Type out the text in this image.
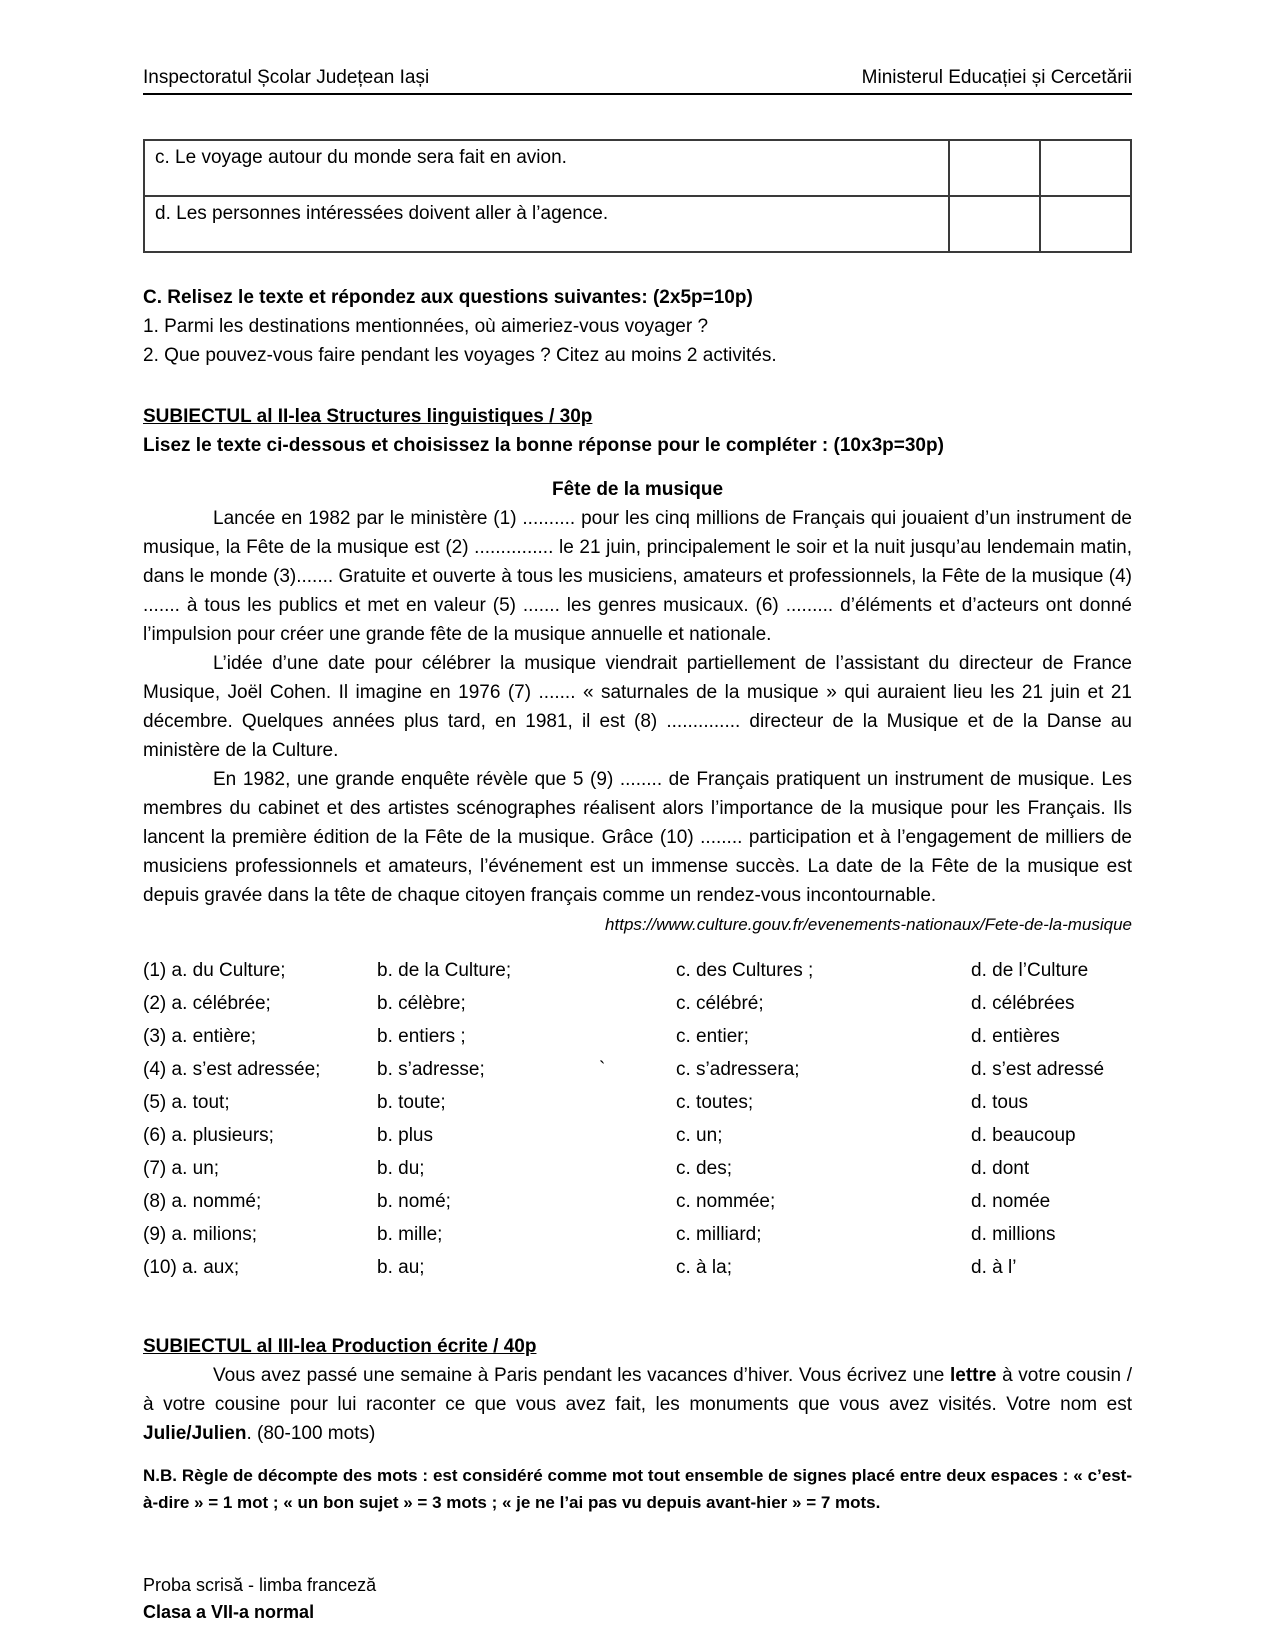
Inspectoratul Școlar Județean Iași	Ministerul Educației și Cercetării
c. Le voyage autour du monde sera fait en avion.		
d. Les personnes intéressées doivent aller à l’agence.		

C. Relisez le texte et répondez aux questions suivantes: (2x5p=10p)

1. Parmi les destinations mentionnées, où aimeriez-vous voyager ?

2. Que pouvez-vous faire pendant les voyages ? Citez au moins 2 activités.

SUBIECTUL al II-lea Structures linguistiques / 30p

Lisez le texte ci-dessous et choisissez la bonne réponse pour le compléter : (10x3p=30p)

Fête de la musique

Lancée en 1982 par le ministère (1) .......... pour les cinq millions de Français qui jouaient d’un instrument de musique, la Fête de la musique est (2) ............... le 21 juin, principalement le soir et la nuit jusqu’au lendemain matin, dans le monde (3)....... Gratuite et ouverte à tous les musiciens, amateurs et professionnels, la Fête de la musique (4) ....... à tous les publics et met en valeur (5) ....... les genres musicaux. (6) ......... d’éléments et d’acteurs ont donné l’impulsion pour créer une grande fête de la musique annuelle et nationale.

L’idée d’une date pour célébrer la musique viendrait partiellement de l’assistant du directeur de France Musique, Joël Cohen. Il imagine en 1976 (7) ....... « saturnales de la musique » qui auraient lieu les 21 juin et 21 décembre. Quelques années plus tard, en 1981, il est (8) .............. directeur de la Musique et de la Danse au ministère de la Culture.

En 1982, une grande enquête révèle que 5 (9) ........ de Français pratiquent un instrument de musique. Les membres du cabinet et des artistes scénographes réalisent alors l’importance de la musique pour les Français. Ils lancent la première édition de la Fête de la musique. Grâce (10) ........ participation et à l’engagement de milliers de musiciens professionnels et amateurs, l’événement est un immense succès. La date de la Fête de la musique est depuis gravée dans la tête de chaque citoyen français comme un rendez-vous incontournable.

https://www.culture.gouv.fr/evenements-nationaux/Fete-de-la-musique

(1) a. du Culture;	b. de la Culture;	c. des Cultures ;	d. de l’Culture
(2) a. célébrée;	b. célèbre;	c. célébré;	d. célébrées
(3) a. entière;	b. entiers ;	c. entier;	d. entières
(4) a. s’est adressée;	b. s’adresse;	c. s’adressera;	d. s’est adressé
`
(5) a. tout;	b. toute;	c. toutes;	d. tous
(6) a. plusieurs;	b. plus	c. un;	d. beaucoup
(7) a. un;	b. du;	c. des;	d. dont
(8) a. nommé;	b. nomé;	c. nommée;	d. nomée
(9) a. milions;	b. mille;	c. milliard;	d. millions
(10) a. aux;	b. au;	c. à la;	d. à l’

SUBIECTUL al III-lea Production écrite / 40p

Vous avez passé une semaine à Paris pendant les vacances d’hiver. Vous écrivez une lettre à votre cousin / à votre cousine pour lui raconter ce que vous avez fait, les monuments que vous avez visités. Votre nom est Julie/Julien. (80-100 mots)

N.B. Règle de décompte des mots : est considéré comme mot tout ensemble de signes placé entre deux espaces : « c’est-à-dire » = 1 mot ; « un bon sujet » = 3 mots ; « je ne l’ai pas vu depuis avant-hier » = 7 mots.

Proba scrisă - limba franceză

Clasa a VII-a normal
